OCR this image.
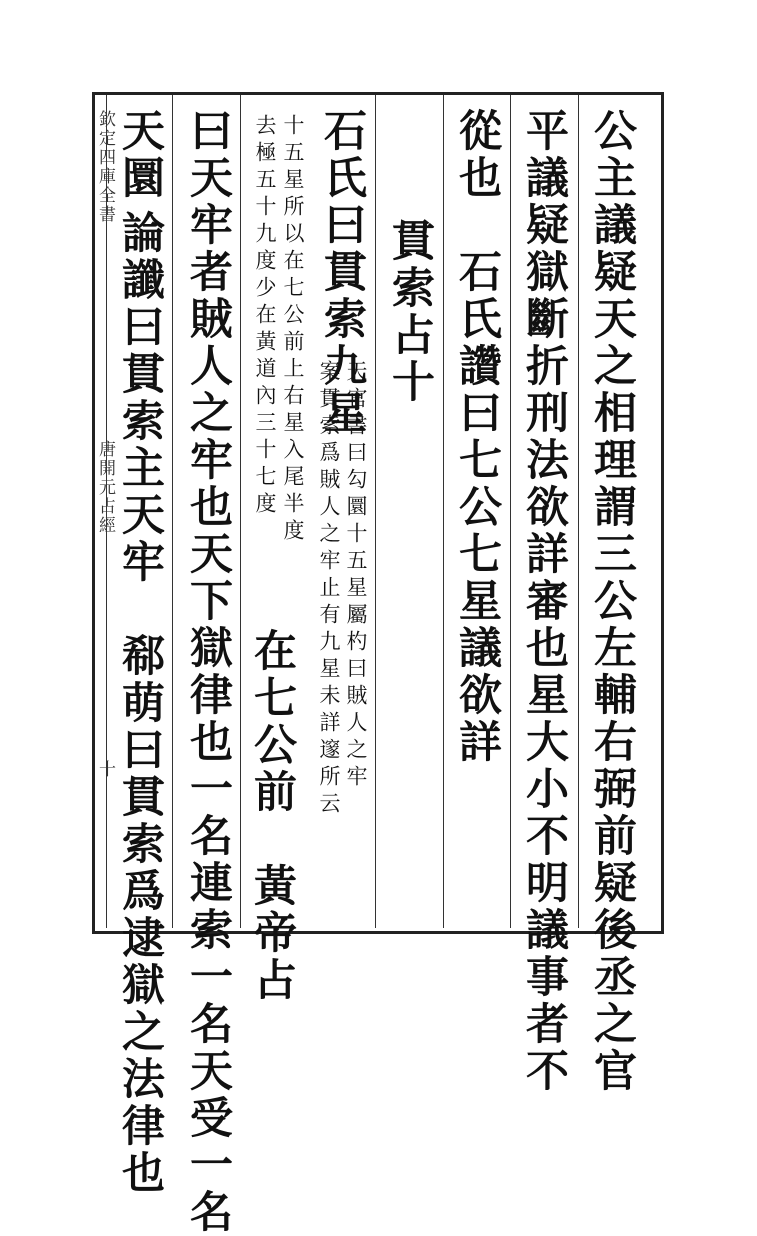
欽定四庫全書
唐開元占經
十	公主議疑天之相理謂三公左輔右弼前疑後丞之官
平議疑獄斷折刑法欲詳審也星大小不明議事者不
從也　石氏讚曰七公七星議欲詳
貫索占十
石氏曰貫索九星
天官書曰勾圜十五星屬杓曰賊人之牢
案貫索爲賊人之牢止有九星未詳邃所云
十五星所以在七公前上右星入尾半度
去極五十九度少在黃道內三十七度
在七公前　黃帝占
曰天牢者賊人之牢也天下獄律也一名連索一名天受一名
天圜
論讖曰貫索主天牢　郗萌曰貫索爲逮獄之法律也
